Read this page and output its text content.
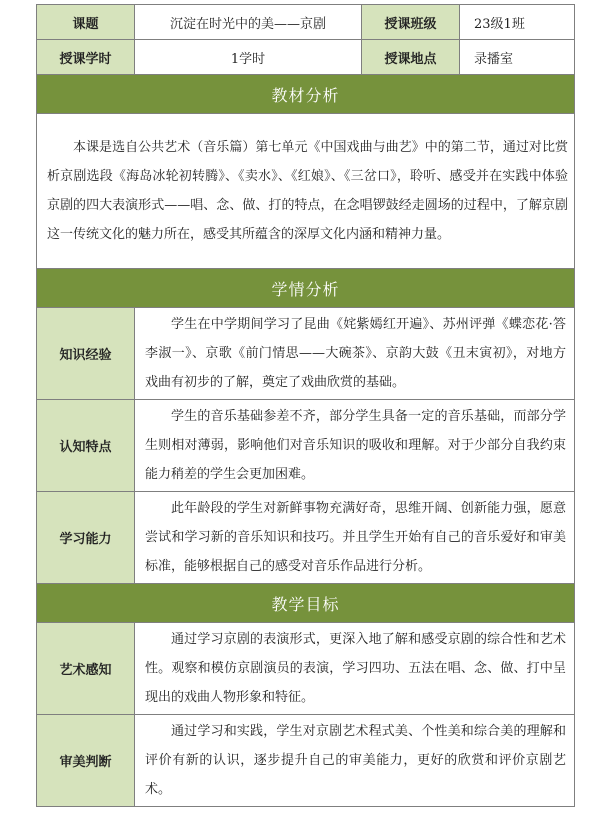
课题	沉淀在时光中的美——京剧	授课班级	23级1班
授课学时	1学时	授课地点	录播室
教材分析			
本课是选自公共艺术（音乐篇）第七单元《中国戏曲与曲艺》中的第二节，通过对比赏析京剧选段《海岛冰轮初转腾》、《卖水》、《红娘》、《三岔口》，聆听、感受并在实践中体验京剧的四大表演形式——唱、念、做、打的特点，在念唱锣鼓经走圆场的过程中，了解京剧这一传统文化的魅力所在，感受其所蕴含的深厚文化内涵和精神力量。			
学情分析			
知识经验	学生在中学期间学习了昆曲《姹紫嫣红开遍》、苏州评弹《蝶恋花·答李淑一》、京歌《前门情思——大碗茶》、京韵大鼓《丑末寅初》，对地方戏曲有初步的了解，奠定了戏曲欣赏的基础。		
认知特点	学生的音乐基础参差不齐，部分学生具备一定的音乐基础，而部分学生则相对薄弱，影响他们对音乐知识的吸收和理解。对于少部分自我约束能力稍差的学生会更加困难。		
学习能力	此年龄段的学生对新鲜事物充满好奇，思维开阔、创新能力强，愿意尝试和学习新的音乐知识和技巧。并且学生开始有自己的音乐爱好和审美标准，能够根据自己的感受对音乐作品进行分析。		
教学目标			
艺术感知	通过学习京剧的表演形式，更深入地了解和感受京剧的综合性和艺术性。观察和模仿京剧演员的表演，学习四功、五法在唱、念、做、打中呈现出的戏曲人物形象和特征。		
审美判断	通过学习和实践，学生对京剧艺术程式美、个性美和综合美的理解和评价有新的认识，逐步提升自己的审美能力，更好的欣赏和评价京剧艺术。		
